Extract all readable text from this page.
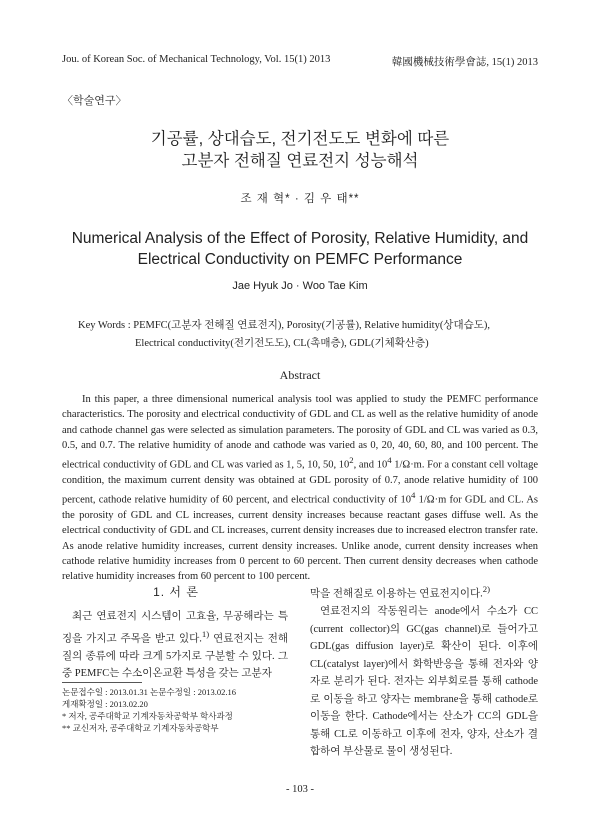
Jou. of Korean Soc. of Mechanical Technology, Vol. 15(1) 2013	韓國機械技術學會誌, 15(1) 2013
〈학술연구〉
기공률, 상대습도, 전기전도도 변화에 따른
고분자 전해질 연료전지 성능해석
조 재 혁* · 김 우 태**
Numerical Analysis of the Effect of Porosity, Relative Humidity, and
Electrical Conductivity on PEMFC Performance
Jae Hyuk Jo · Woo Tae Kim
Key Words : PEMFC(고분자 전해질 연료전지), Porosity(기공률), Relative humidity(상대습도),
Electrical conductivity(전기전도도), CL(촉매층), GDL(기체확산층)
Abstract

In this paper, a three dimensional numerical analysis tool was applied to study the PEMFC performance characteristics. The porosity and electrical conductivity of GDL and CL as well as the relative humidity of anode and cathode channel gas were selected as simulation parameters. The porosity of GDL and CL was varied as 0.3, 0.5, and 0.7. The relative humidity of anode and cathode was varied as 0, 20, 40, 60, 80, and 100 percent. The electrical conductivity of GDL and CL was varied as 1, 5, 10, 50, $10^2$, and $10^4$ 1/Ω·m. For a constant cell voltage condition, the maximum current density was obtained at GDL porosity of 0.7, anode relative humidity of 100 percent, cathode relative humidity of 60 percent, and electrical conductivity of $10^4$ 1/Ω·m for GDL and CL. As the porosity of GDL and CL increases, current density increases because reactant gases diffuse well. As the electrical conductivity of GDL and CL increases, current density increases due to increased electron transfer rate. As anode relative humidity increases, current density increases. Unlike anode, current density increases when cathode relative humidity increases from 0 percent to 60 percent. Then current density decreases when cathode relative humidity increases from 60 percent to 100 percent.

1. 서 론

최근 연료전지 시스템이 고효율, 무공해라는 특징을 가지고 주목을 받고 있다.$^{1)}$ 연료전지는 전해질의 종류에 따라 크게 5가지로 구분할 수 있다. 그 중 PEMFC는 수소이온교환 특성을 갖는 고분자

논문접수일 : 2013.01.31 논문수정일 : 2013.02.16
게재확정일 : 2013.02.20
* 저자, 공주대학교 기계자동차공학부 학사과정
** 교신저자, 공주대학교 기계자동차공학부
막을 전해질로 이용하는 연료전지이다.$^{2)}$
연료전지의 작동원리는 anode에서 수소가 CC (current collector)의 GC(gas channel)로 들어가고 GDL(gas diffusion layer)로 확산이 된다. 이후에 CL(catalyst layer)에서 화학반응을 통해 전자와 양자로 분리가 된다. 전자는 외부회로를 통해 cathode로 이동을 하고 양자는 membrane을 통해 cathode로 이동을 한다. Cathode에서는 산소가 CC의 GDL을 통해 CL로 이동하고 이후에 전자, 양자, 산소가 결합하여 부산물로 물이 생성된다.
- 103 -
